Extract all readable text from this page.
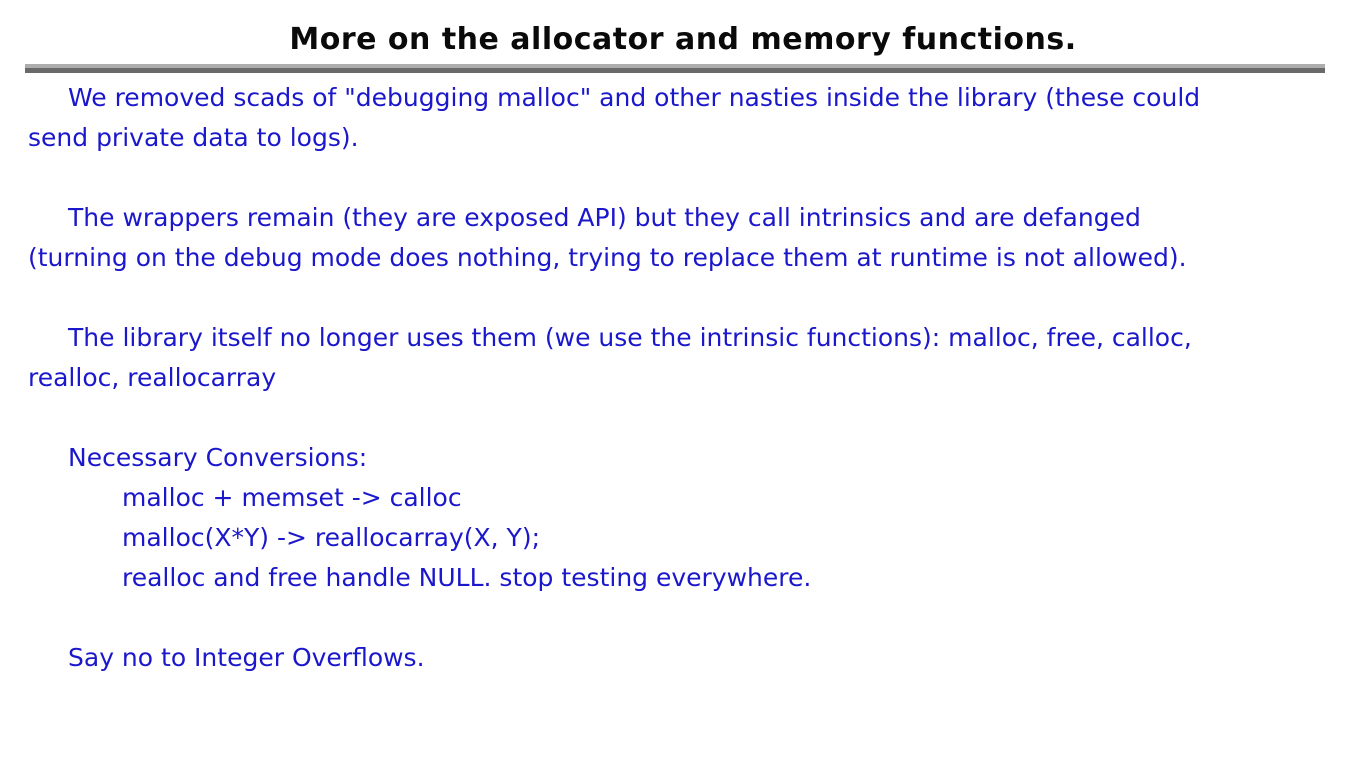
More on the allocator and memory functions.
We removed scads of "debugging malloc" and other nasties inside the library (these could
send private data to logs).
The wrappers remain (they are exposed API) but they call intrinsics and are defanged
(turning on the debug mode does nothing, trying to replace them at runtime is not allowed).
The library itself no longer uses them (we use the intrinsic functions): malloc, free, calloc,
realloc, reallocarray
Necessary Conversions:
malloc + memset -> calloc
malloc(X*Y) -> reallocarray(X, Y);
realloc and free handle NULL. stop testing everywhere.
Say no to Integer Overflows.
